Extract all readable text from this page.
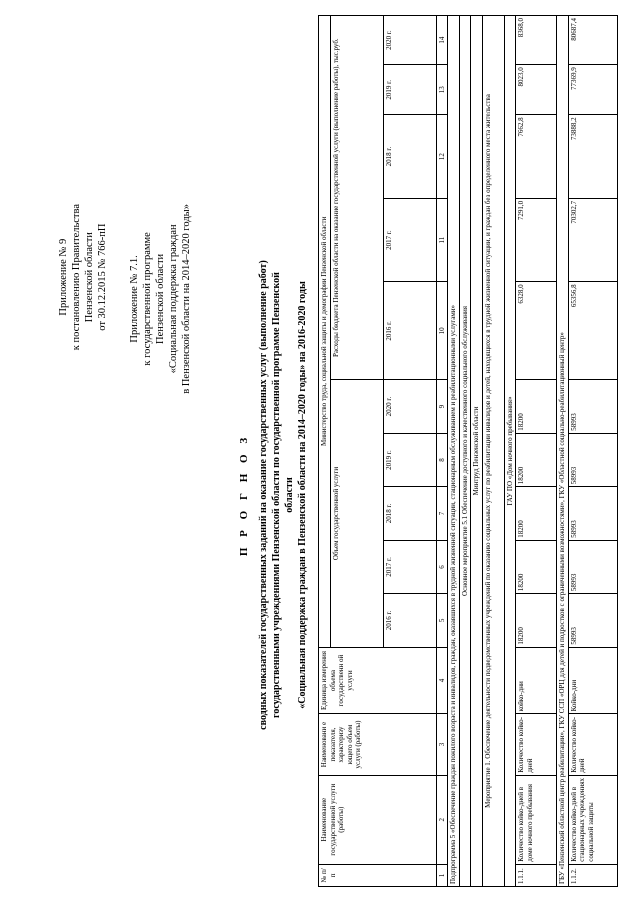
Приложение № 9 к постановлению Правительства Пензенской области от 30.12.2015 № 766-пП Приложение № 7.1. к государственной программе Пензенской области «Социальная поддержка граждан в Пензенской области на 2014–2020 годы»
П Р О Г Н О З сводных показателей государственных заданий на оказание государственных услуг (выполнение работ) государственными учреждениями Пензенской области по государственной программе Пензенской области «Социальная поддержка граждан в Пензенской области на 2014–2020 годы» на 2016-2020 годы
№ п/п	Наименование государственной услуги (работы)	Наименовани е показателя, характеризу ющего объем услуги (работы)	Единица измерения объема государственн ой услуги	Министерство труда, социальной защиты и демографии Пензенской области									
				Объем государственной услуги					Расходы бюджета Пензенской области на оказание государственной услуги (выполнение работы), тыс.руб.				
				2016 г.	2017 г.	2018 г.	2019 г.	2020 г.	2016 г.	2017 г.	2018 г.	2019 г.	2020 г.
1	2	3	4	5	6	7	8	9	10	11	12	13	14
Подпрограмма 5 «Обеспечение граждан пожилого возраста и инвалидов, граждан, оказавшихся в трудной жизненной ситуации, стационарным обслуживанием и реабилитационными услугами»													
Основное мероприятие 5.1 Обеспечение доступного и качественного социального обслуживания													
Минтруд Пензенской области													
Мероприятие 1. Обеспечение деятельности подведомственных учреждений по оказанию социальных услуг по реабилитации инвалидов и детей, находящихся в трудной жизненной ситуации, и граждан без определенного места жительства													
ГАУ ПО «Дом ночного пребывания»													
1.1.1.	Количество койко-дней в доме ночного пребывания	Количество койко-дней	койко-дни	18200	18200	18200	18200	18200	6328,0	7291,0	7662,8	8023,0	8368,0
ГБУ «Пензенский областной центр реабилитации», ГКУ ССП «ОРЦ для детей и подростков с ограниченными возможностями», ГКУ «Областной социально-реабилитационный центр»													
1.1.2.	Количество койко-дней в стационарных учреждениях социальной защиты	Количество койко-дней	Койко-дни	58993	58993	58993	58993	58993	65356,8	70302,7	73888,2	77369,9	80687,4
